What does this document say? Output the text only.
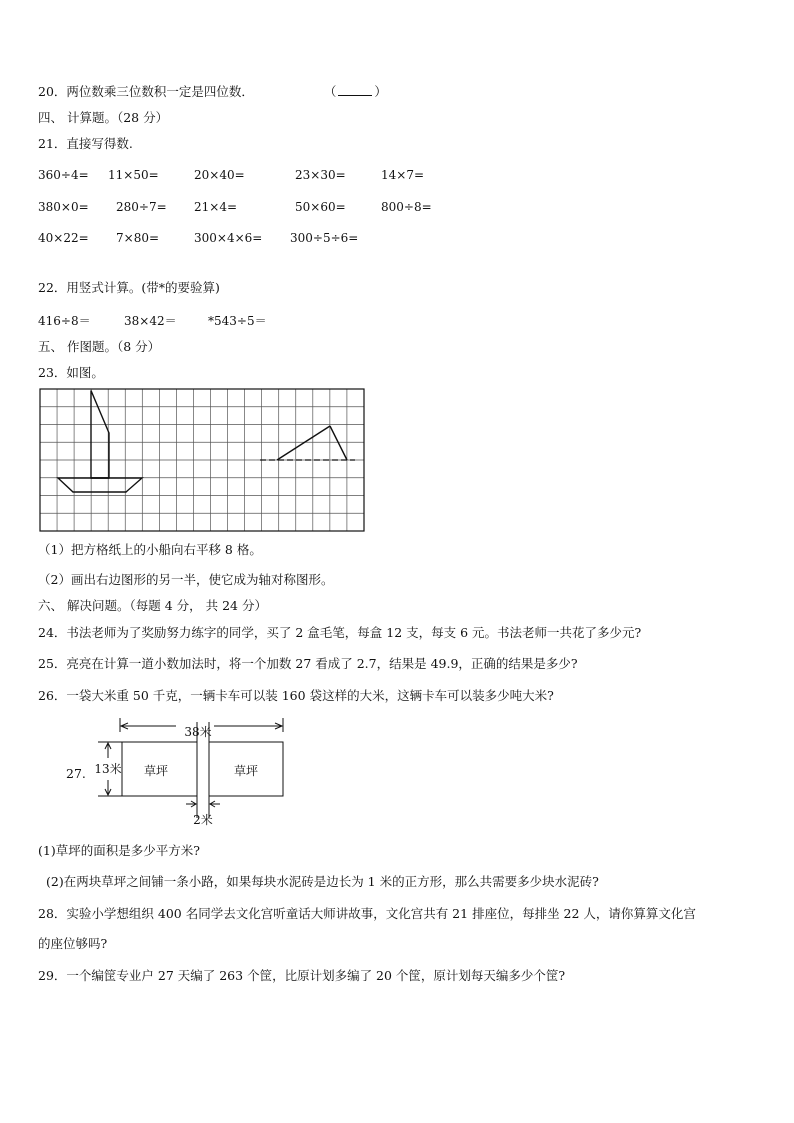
20．两位数乘三位数积一定是四位数．	（	）
四、 计算题。（28 分）
21．直接写得数.
360÷4= 11×50=	20×40=	23×30=	14×7=
380×0= 280÷7= 21×4=	50×60=	800÷8=
40×22= 7×80=	300×4×6= 300÷5÷6=
22．用竖式计算。(带*的要验算)
416÷8＝	38×42＝	*543÷5＝
五、 作图题。（8 分）
23．如图。
（1）把方格纸上的小船向右平移 8 格。
（2）画出右边图形的另一半，使它成为轴对称图形。
六、 解决问题。（每题 4 分， 共 24 分）
24．书法老师为了奖励努力练字的同学，买了 2 盒毛笔，每盒 12 支，每支 6 元。书法老师一共花了多少元?
25．亮亮在计算一道小数加法时，将一个加数 27 看成了 2.7，结果是 49.9，正确的结果是多少?
26．一袋大米重 50 千克，一辆卡车可以装 160 袋这样的大米，这辆卡车可以装多少吨大米?
27.
38米
13米
2米
草坪	草坪
(1)草坪的面积是多少平方米?
(2)在两块草坪之间铺一条小路，如果每块水泥砖是边长为 1 米的正方形，那么共需要多少块水泥砖?
28．实验小学想组织 400 名同学去文化宫听童话大师讲故事，文化宫共有 21 排座位，每排坐 22 人，请你算算文化宫
的座位够吗?
29．一个编筐专业户 27 天编了 263 个筐，比原计划多编了 20 个筐，原计划每天编多少个筐?
